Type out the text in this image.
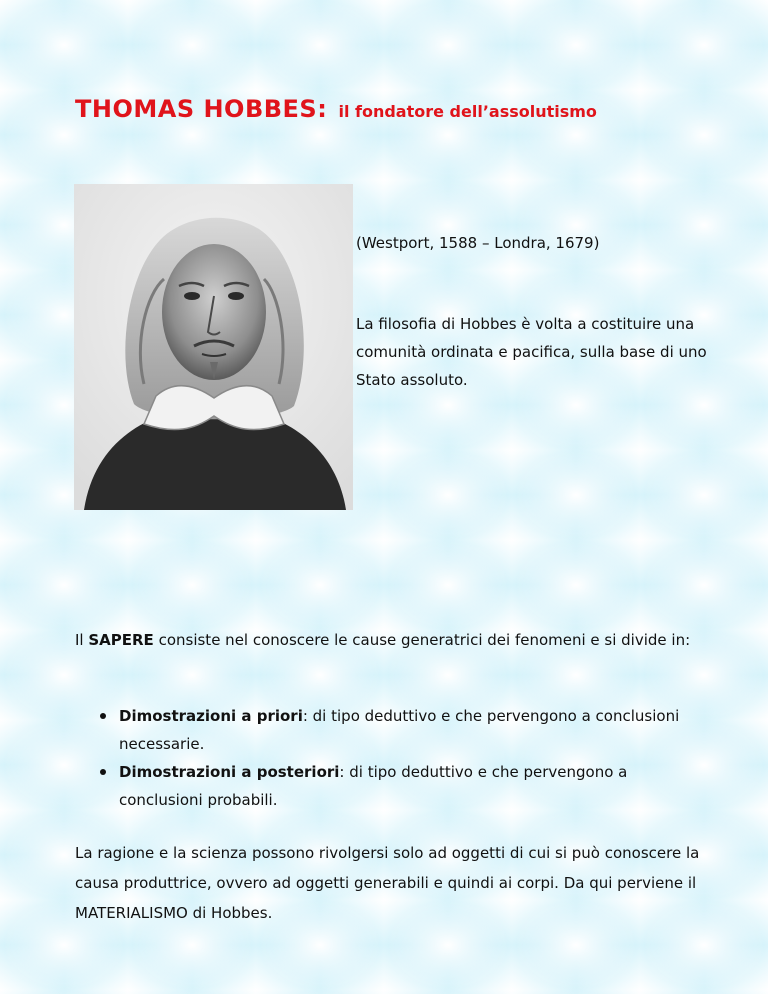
THOMAS HOBBES: il fondatore dell’assolutismo

(Westport, 1588 – Londra, 1679)

La filosofia di Hobbes è volta a costituire una comunità ordinata e pacifica, sulla base di uno Stato assoluto.

Il SAPERE consiste nel conoscere le cause generatrici dei fenomeni e si divide in:

Dimostrazioni a priori: di tipo deduttivo e che pervengono a conclusioni necessarie.
Dimostrazioni a posteriori: di tipo deduttivo e che pervengono a conclusioni probabili.

La ragione e la scienza possono rivolgersi solo ad oggetti di cui si può conoscere la causa produttrice, ovvero ad oggetti generabili e quindi ai corpi. Da qui perviene il MATERIALISMO di Hobbes.
